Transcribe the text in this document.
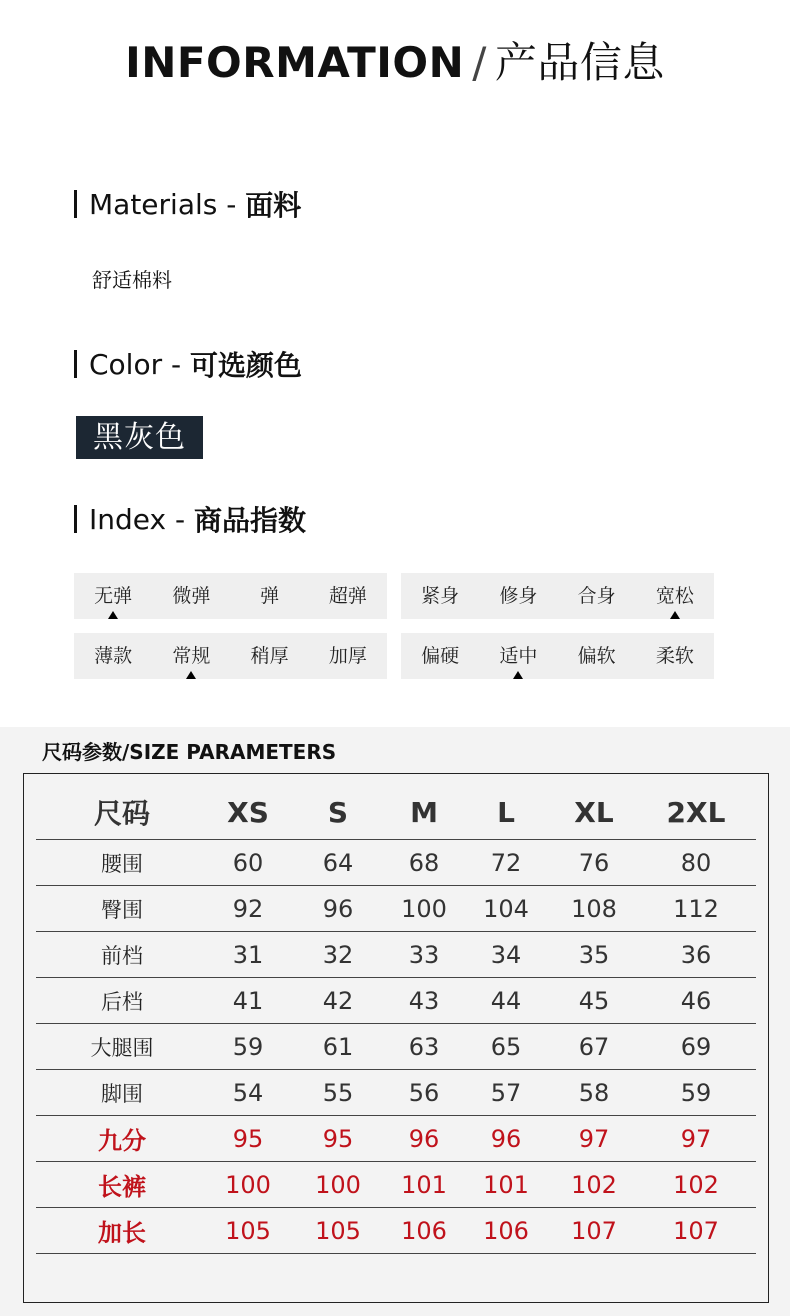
INFORMATION / 产品信息
Materials
-
面料
舒适棉料
Color
-
可选颜色
黑灰色
Index
-
商品指数
无弹	微弹	弹	超弹	紧身	修身	合身	宽松
薄款	常规	稍厚	加厚	偏硬	适中	偏软	柔软
尺码参数/SIZE PARAMETERS
尺码	XS	S	M	L	XL	2XL
腰围	60	64	68	72	76	80
臀围	92	96	100	104	108	112
前档	31	32	33	34	35	36
后档	41	42	43	44	45	46
大腿围	59	61	63	65	67	69
脚围	54	55	56	57	58	59
九分	95	95	96	96	97	97
长裤	100	100	101	101	102	102
加长	105	105	106	106	107	107
